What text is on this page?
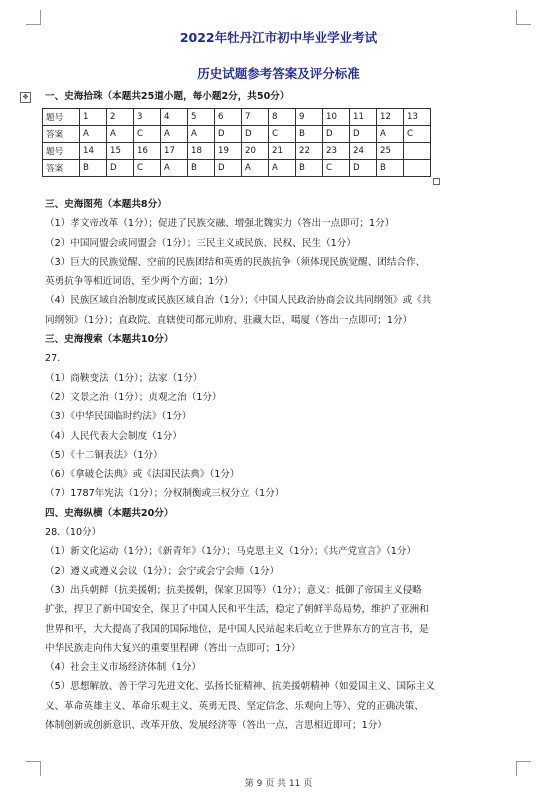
2022年牡丹江市初中毕业学业考试
历史试题参考答案及评分标准
✥ 一、史海拾珠（本题共25道小题，每小题2分，共50分）
题号	1	2	3	4	5	6	7	8	9	10	11	12	13
答案	A	A	C	A	A	D	D	C	B	D	D	A	C
题号	14	15	16	17	18	19	20	21	22	23	24	25	
答案	B	D	C	A	B	D	A	A	B	C	D	B	
三、史海图苑（本题共8分）
（1）孝文帝改革（1分）；促进了民族交融、增强北魏实力（答出一点即可；1分）
（2）中国同盟会或同盟会（1分）；三民主义或民族、民权、民生（1分）
（3）巨大的民族觉醒、空前的民族团结和英勇的民族抗争（须体现民族觉醒、团结合作、
英勇抗争等相近词语，至少两个方面；1分）
（4）民族区域自治制度或民族区域自治（1分）；《中国人民政治协商会议共同纲领》或《共
同纲领》（1分）；直政院、直辖使司都元帅府、驻藏大臣、噶厦（答出一点即可；1分）
三、史海搜索（本题共10分）
27.
（1）商鞅变法（1分）；法家（1分）
（2）文景之治（1分）；贞观之治（1分）
（3）《中华民国临时约法》（1分）
（4）人民代表大会制度（1分）
（5）《十二铜表法》（1分）
（6）《拿破仑法典》或《法国民法典》（1分）
（7）1787年宪法（1分）；分权制衡或三权分立（1分）
四、史海纵横（本题共20分）
28.（10分）
（1）新文化运动（1分）；《新青年》（1分）；马克思主义（1分）；《共产党宣言》（1分）
（2）遵义或遵义会议（1分）；会宁或会宁会师（1分）
（3）出兵朝鲜（抗美援朝；抗美援朝，保家卫国等）（1分）；意义：抵御了帝国主义侵略
扩张，捍卫了新中国安全，保卫了中国人民和平生活，稳定了朝鲜半岛局势，维护了亚洲和
世界和平，大大提高了我国的国际地位，是中国人民站起来后屹立于世界东方的宣言书，是
中华民族走向伟大复兴的重要里程碑（答出一点即可；1分）
（4）社会主义市场经济体制（1分）
（5）思想解放、善于学习先进文化、弘扬长征精神、抗美援朝精神（如爱国主义、国际主义
义、革命英雄主义、革命乐观主义、英勇无畏、坚定信念、乐观向上等）、党的正确决策、
体制创新或创新意识、改革开放、发展经济等（答出一点，言思相近即可；1分）
第 9 页 共 11 页
